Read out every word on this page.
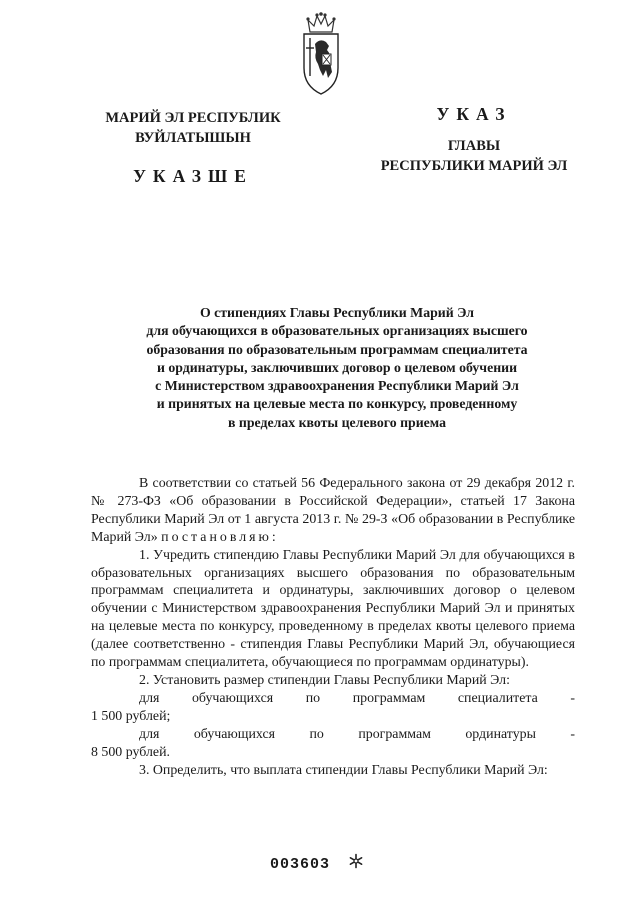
МАРИЙ ЭЛ РЕСПУБЛИК
ВУЙЛАТЫШЫН
УКАЗШЕ
УКАЗ
ГЛАВЫ
РЕСПУБЛИКИ МАРИЙ ЭЛ
О стипендиях Главы Республики Марий Эл
для обучающихся в образовательных организациях высшего
образования по образовательным программам специалитета
и ординатуры, заключивших договор о целевом обучении
с Министерством здравоохранения Республики Марий Эл
и принятых на целевые места по конкурсу, проведенному
в пределах квоты целевого приема

В соответствии со статьей 56 Федерального закона от 29 декабря 2012 г. № 273-ФЗ «Об образовании в Российской Федерации», статьей 17 Закона Республики Марий Эл от 1 августа 2013 г. № 29-З «Об образовании в Республике Марий Эл» постановляю:

1. Учредить стипендию Главы Республики Марий Эл для обучающихся в образовательных организациях высшего образования по образовательным программам специалитета и ординатуры, заключивших договор о целевом обучении с Министерством здравоохранения Республики Марий Эл и принятых на целевые места по конкурсу, проведенному в пределах квоты целевого приема (далее соответственно - стипендия Главы Республики Марий Эл, обучающиеся по программам специалитета, обучающиеся по программам ординатуры).

2. Установить размер стипендии Главы Республики Марий Эл:

для обучающихся по программам специалитета -

1 500 рублей;

для обучающихся по программам ординатуры -

8 500 рублей.

3. Определить, что выплата стипендии Главы Республики Марий Эл:

003603
